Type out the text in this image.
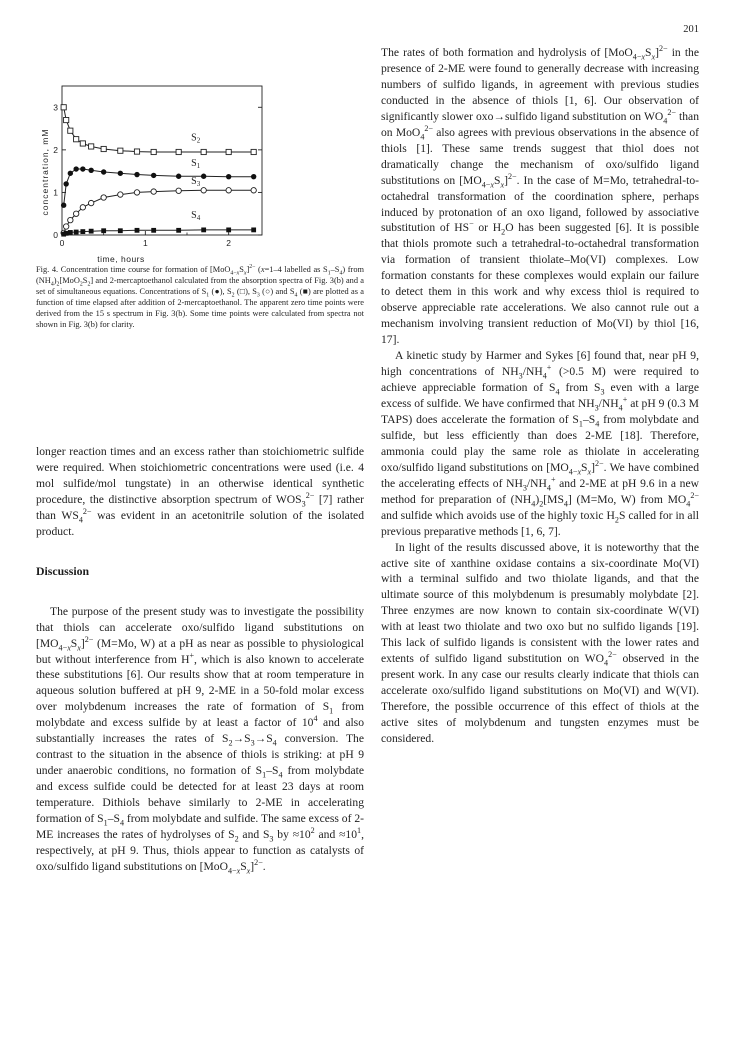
201
concentration, mM
time, hours
0
1
2
3
0	1	2
$S_2$
$S_1$
$S_3$
$S_4$
Fig. 4. Concentration time course for formation of $[MoO_{4-x}S_x]^{2-}$ (x=1–4 labelled as $S_1-S_4$) from $(NH_4)_2[MoO_2S_2]$ and 2-mercaptoethanol calculated from the absorption spectra of Fig. 3(b) and a set of simultaneous equations. Concentrations of $S_1$ (●), $S_2$ (□), $S_3$ (○) and $S_4$ (■) are plotted as a function of time elapsed after addition of 2-mercaptoethanol. The apparent zero time points were derived from the 15 s spectrum in Fig. 3(b). Some time points were calculated from spectra not shown in Fig. 3(b) for clarity.

longer reaction times and an excess rather than stoichiometric sulfide were required. When stoichiometric concentrations were used (i.e. 4 mol sulfide/mol tungstate) in an otherwise identical synthetic procedure, the distinctive absorption spectrum of $WOS_3^{2-}$ [7] rather than $WS_4^{2-}$ was evident in an acetonitrile solution of the isolated product.

Discussion

The purpose of the present study was to investigate the possibility that thiols can accelerate oxo/sulfido ligand substitutions on $[MO_{4-x}S_x]^{2-}$ (M=Mo, W) at a pH as near as possible to physiological but without interference from H+, which is also known to accelerate these substitutions [6]. Our results show that at room temperature in aqueous solution buffered at pH 9, 2-ME in a 50-fold molar excess over molybdenum increases the rate of formation of $S_1$ from molybdate and excess sulfide by at least a factor of $10^4$ and also substantially increases the rates of $S_2\to S_3\to S_4$ conversion. The contrast to the situation in the absence of thiols is striking: at pH 9 under anaerobic conditions, no formation of $S_1-S_4$ from molybdate and excess sulfide could be detected for at least 23 days at room temperature. Dithiols behave similarly to 2-ME in accelerating formation of $S_1-S_4$ from molybdate and sulfide. The same excess of 2-ME increases the rates of hydrolyses of $S_2$ and $S_3$ by $\approx 10^2$ and $\approx 10^1$, respectively, at pH 9. Thus, thiols appear to function as catalysts of oxo/sulfido ligand substitutions on $[MoO_{4-x}S_x]^{2-}$.

The rates of both formation and hydrolysis of $[MoO_{4-x}S_x]^{2-}$ in the presence of 2-ME were found to generally decrease with increasing numbers of sulfido ligands, in agreement with previous studies conducted in the absence of thiols [1, 6]. Our observation of significantly slower oxo→sulfido ligand substitution on $WO_4^{2-}$ than on MoO$_4^{2-}$ also agrees with previous observations in the absence of thiols [1]. These same trends suggest that thiol does not dramatically change the mechanism of oxo/sulfido ligand substitutions on $[MO_{4-x}S_x]^{2-}$. In the case of M=Mo, tetrahedral-to-octahedral transformation of the coordination sphere, perhaps induced by protonation of an oxo ligand, followed by associative substitution of HS− or $H_2O$ has been suggested [6]. It is possible that thiols promote such a tetrahedral-to-octahedral transformation via formation of transient thiolate–Mo(VI) complexes. Low formation constants for these complexes would explain our failure to detect them in this work and why excess thiol is required to observe appreciable rate accelerations. We also cannot rule out a mechanism involving transient reduction of Mo(VI) by thiol [16, 17].

A kinetic study by Harmer and Sykes [6] found that, near pH 9, high concentrations of $NH_3/NH_4^+$ (>0.5 M) were required to achieve appreciable formation of $S_4$ from $S_3$ even with a large excess of sulfide. We have confirmed that $NH_3/NH_4^+$ at pH 9 (0.3 M TAPS) does accelerate the formation of $S_1-S_4$ from molybdate and sulfide, but less efficiently than does 2-ME [18]. Therefore, ammonia could play the same role as thiolate in accelerating oxo/sulfido ligand substitutions on $[MO_{4-x}S_x]^{2-}$. We have combined the accelerating effects of $NH_3/NH_4^+$ and 2-ME at pH 9.6 in a new method for preparation of $(NH_4)_2[MS_4]$ (M=Mo, W) from $MO_4^{2-}$ and sulfide which avoids use of the highly toxic $H_2S$ called for in all previous preparative methods [1, 6, 7].

In light of the results discussed above, it is noteworthy that the active site of xanthine oxidase contains a six-coordinate Mo(VI) with a terminal sulfido and two thiolate ligands, and that the ultimate source of this molybdenum is presumably molybdate [2]. Three enzymes are now known to contain six-coordinate W(VI) with at least two thiolate and two oxo but no sulfido ligands [19]. This lack of sulfido ligands is consistent with the lower rates and extents of sulfido ligand substitution on $WO_4^{2-}$ observed in the present work. In any case our results clearly indicate that thiols can accelerate oxo/sulfido ligand substitutions on Mo(VI) and W(VI). Therefore, the possible occurrence of this effect of thiols at the active sites of molybdenum and tungsten enzymes must be considered.
